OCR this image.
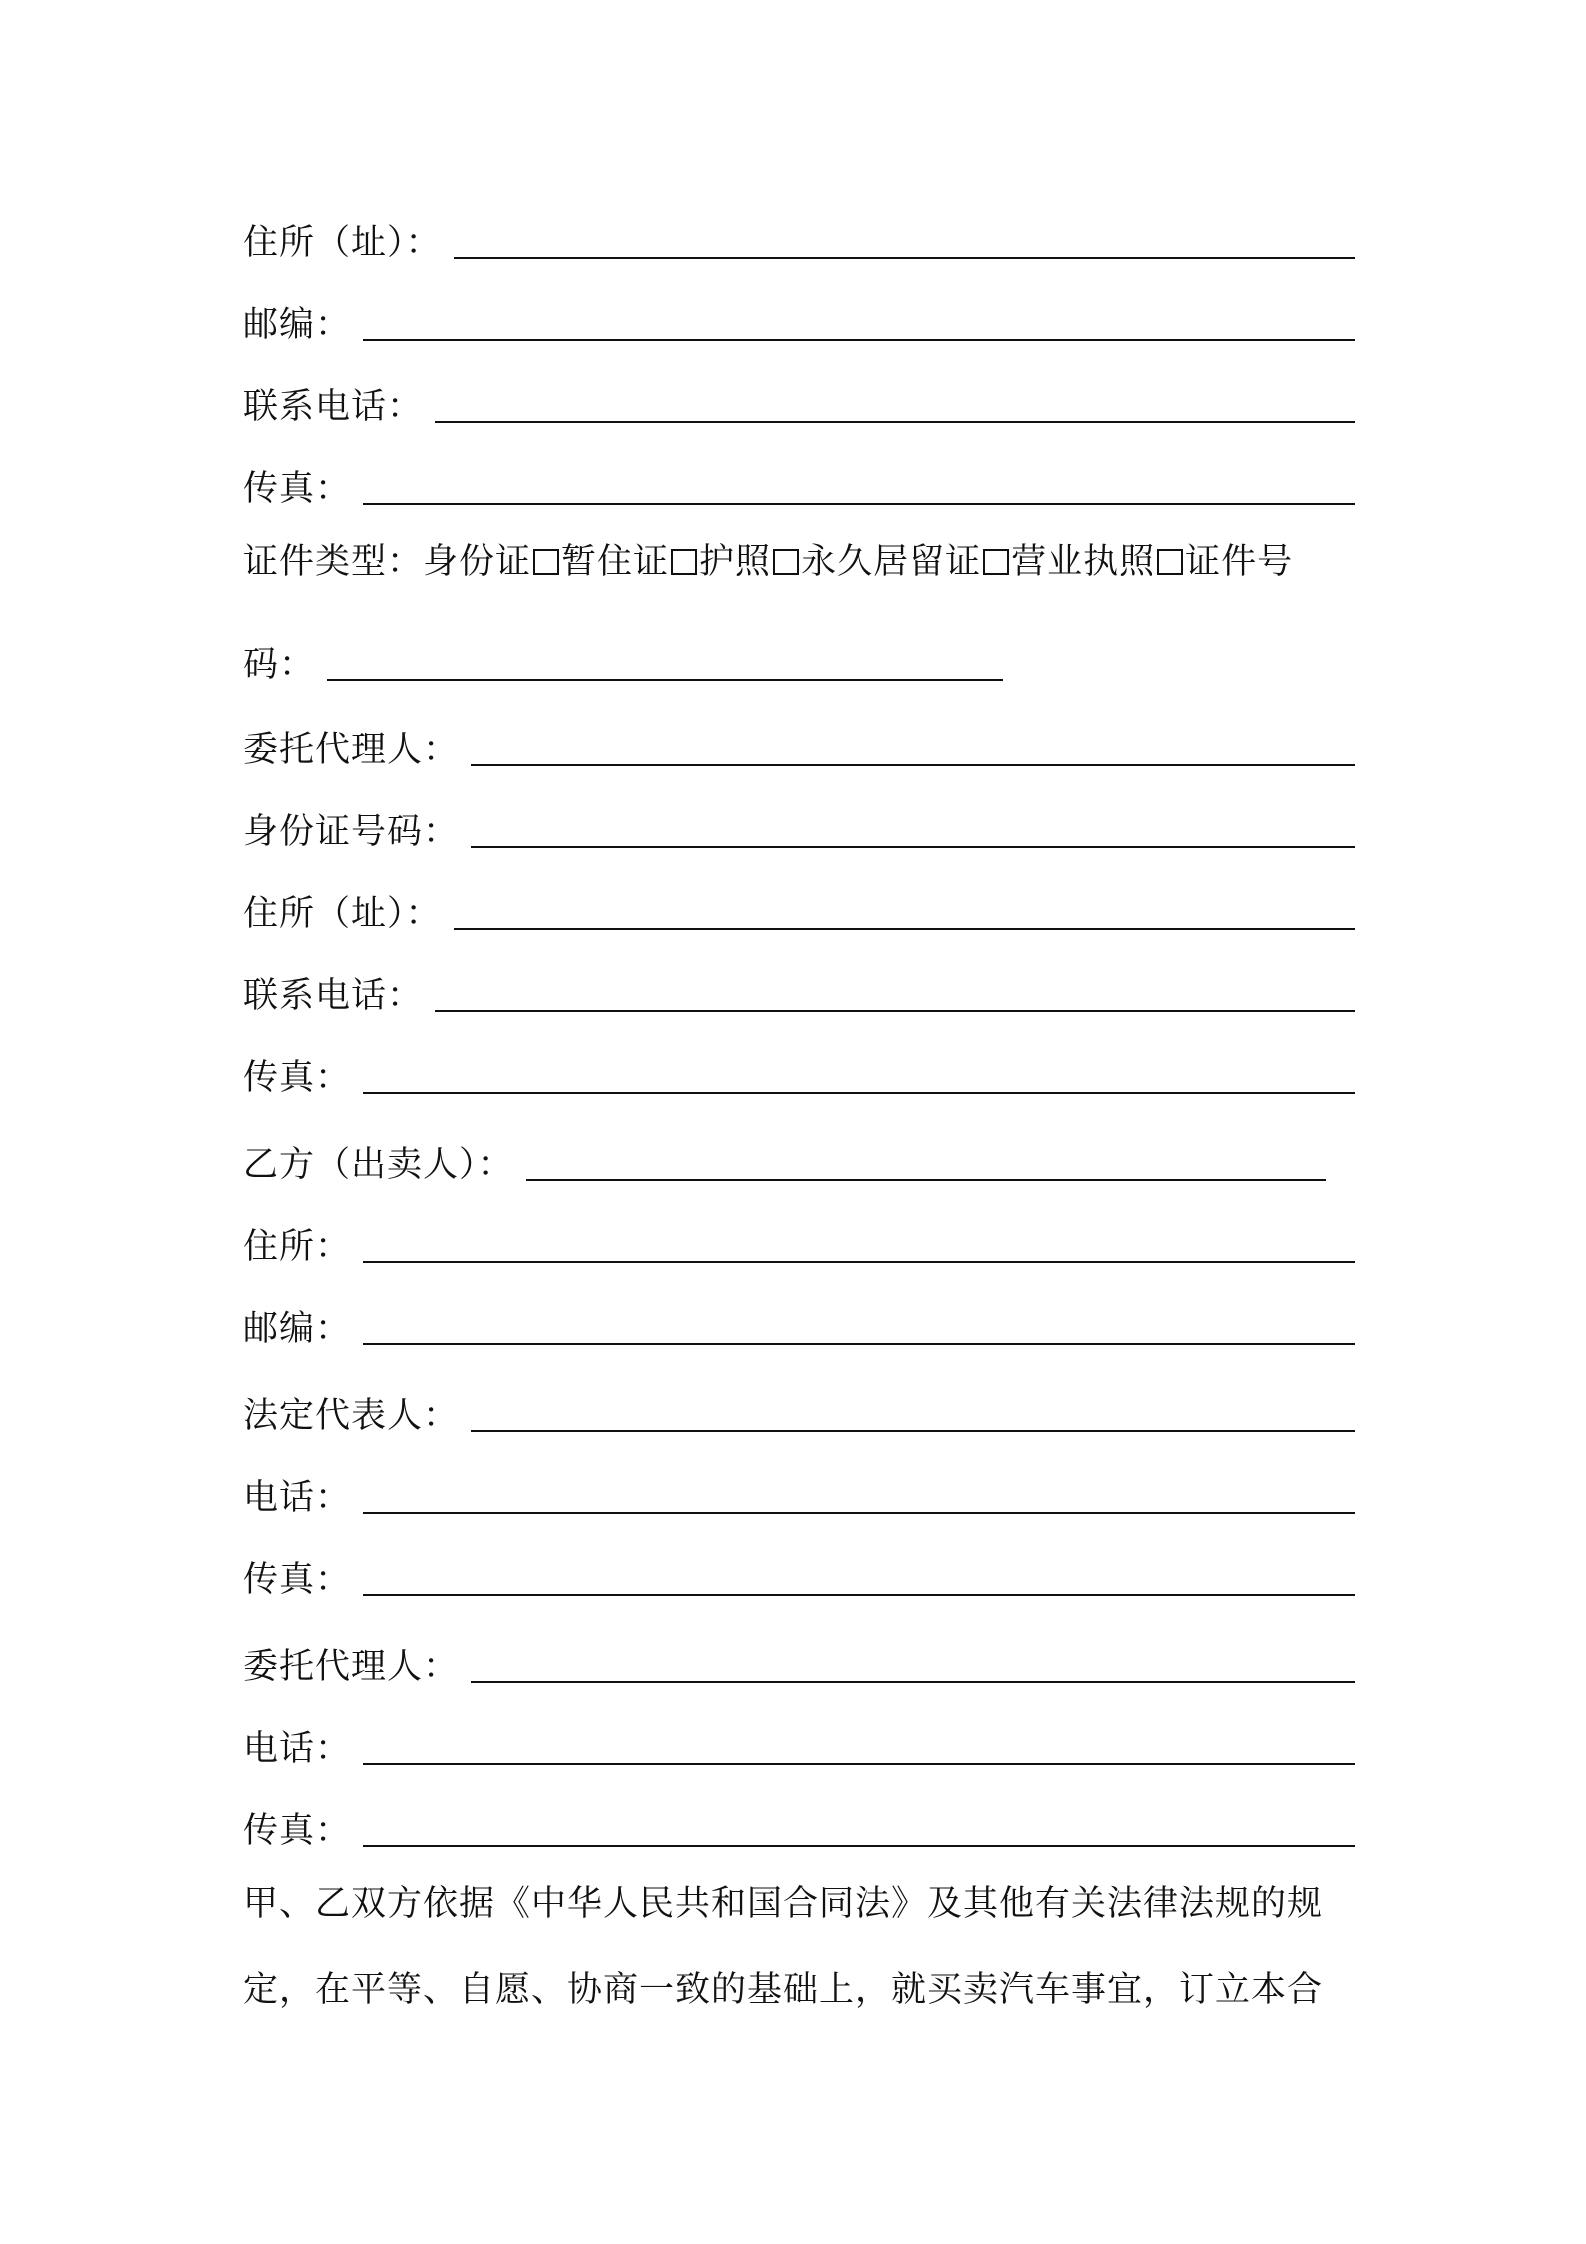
住所（址）：
邮编：
联系电话：
传真：
证件类型：身份证 暂住证 护照 永久居留证 营业执照 证件号
码：
委托代理人：
身份证号码：
住所（址）：
联系电话：
传真：
乙方（出卖人）：
住所：
邮编：
法定代表人：
电话：
传真：
委托代理人：
电话：
传真：
甲、乙双方依据《中华人民共和国合同法》及其他有关法律法规的规
定，在平等、自愿、协商一致的基础上，就买卖汽车事宜，订立本合
